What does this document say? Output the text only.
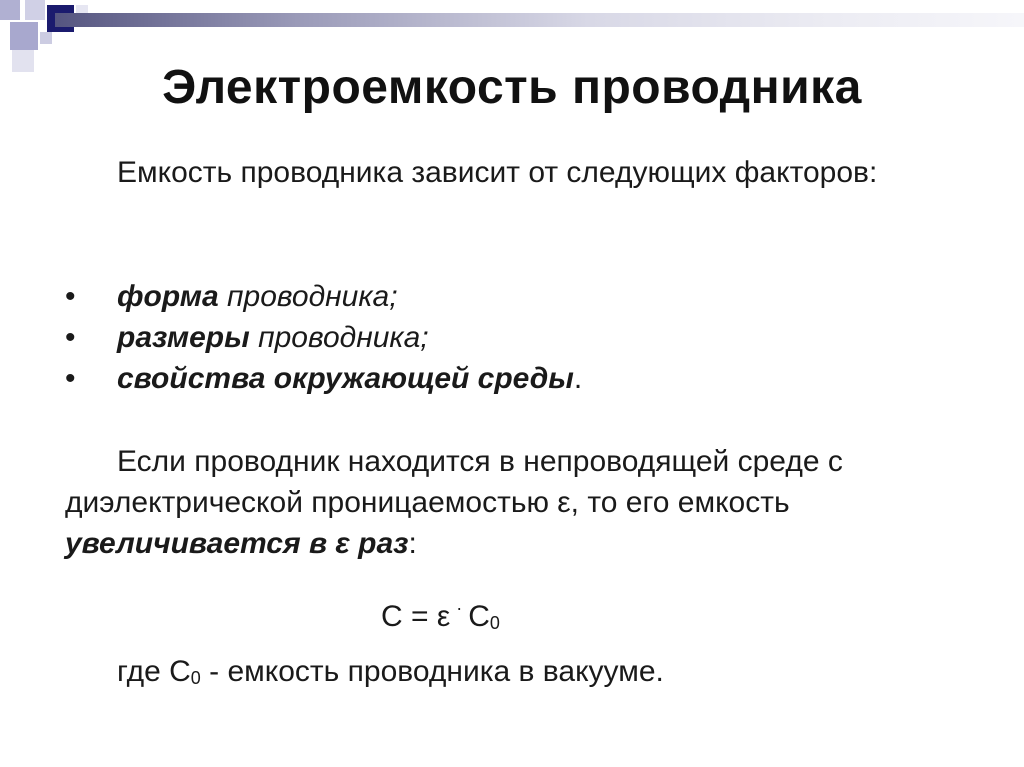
Электроемкость проводника
Емкость проводника зависит от следующих факторов:
•	форма проводника;
•	размеры проводника;
•	свойства окружающей среды.
Если проводник находится в непроводящей среде с диэлектрической проницаемостью ε, то его емкость увеличивается в ε раз:
C = ε · C0
где C0 - емкость проводника в вакууме.
